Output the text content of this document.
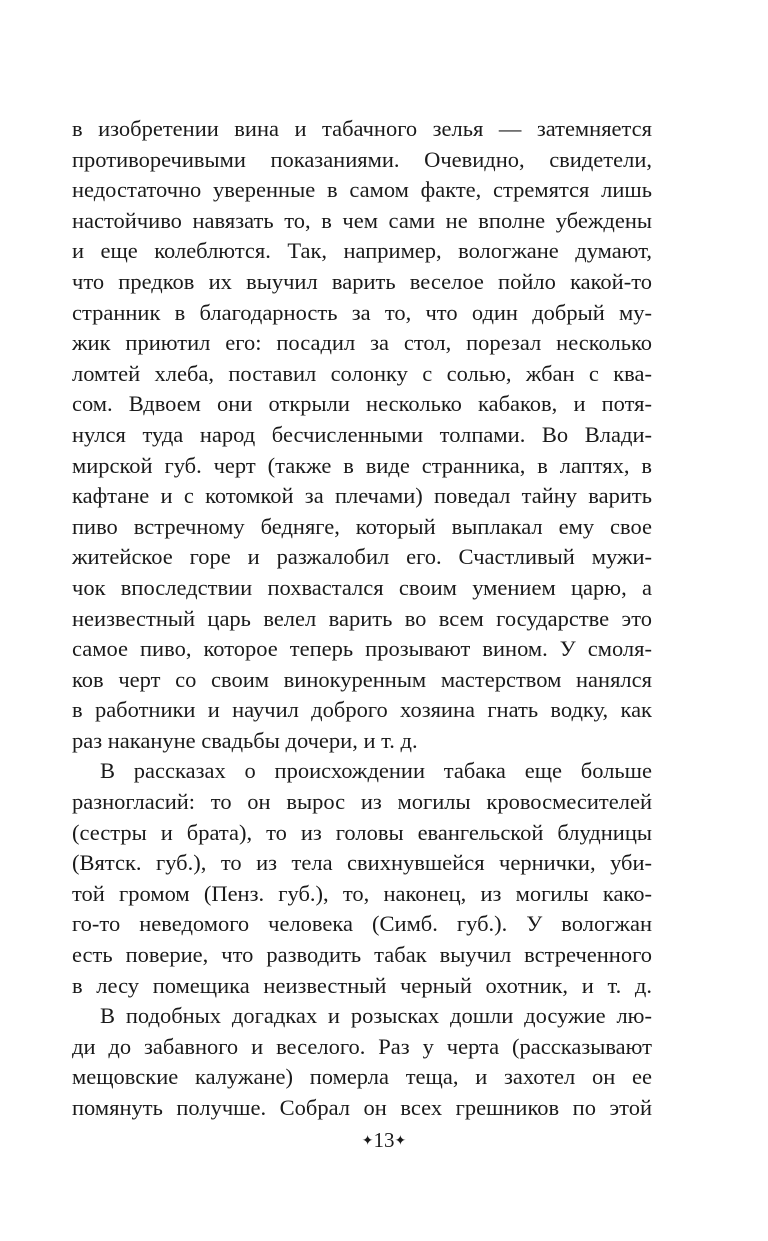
в изобретении вина и табачного зелья — затемняется
противоречивыми показаниями. Очевидно, свидетели,
недостаточно уверенные в самом факте, стремятся лишь
настойчиво навязать то, в чем сами не вполне убеждены
и еще колеблются. Так, например, вологжане думают,
что предков их выучил варить веселое пойло какой-то
странник в благодарность за то, что один добрый му-
жик приютил его: посадил за стол, порезал несколько
ломтей хлеба, поставил солонку с солью, жбан с ква-
сом. Вдвоем они открыли несколько кабаков, и потя-
нулся туда народ бесчисленными толпами. Во Влади-
мирской губ. черт (также в виде странника, в лаптях, в
кафтане и с котомкой за плечами) поведал тайну варить
пиво встречному бедняге, который выплакал ему свое
житейское горе и разжалобил его. Счастливый мужи-
чок впоследствии похвастался своим умением царю, а
неизвестный царь велел варить во всем государстве это
самое пиво, которое теперь прозывают вином. У смоля-
ков черт со своим винокуренным мастерством нанялся
в работники и научил доброго хозяина гнать водку, как
раз накануне свадьбы дочери, и т. д.

В рассказах о происхождении табака еще больше
разногласий: то он вырос из могилы кровосмесителей
(сестры и брата), то из головы евангельской блудницы
(Вятск. губ.), то из тела свихнувшейся чернички, уби-
той громом (Пенз. губ.), то, наконец, из могилы како-
го-то неведомого человека (Симб. губ.). У вологжан
есть поверие, что разводить табак выучил встреченного
в лесу помещика неизвестный черный охотник, и т. д.

В подобных догадках и розысках дошли досужие лю-
ди до забавного и веселого. Раз у черта (рассказывают
мещовские калужане) померла теща, и захотел он ее
помянуть получше. Собрал он всех грешников по этой

✦13✦
